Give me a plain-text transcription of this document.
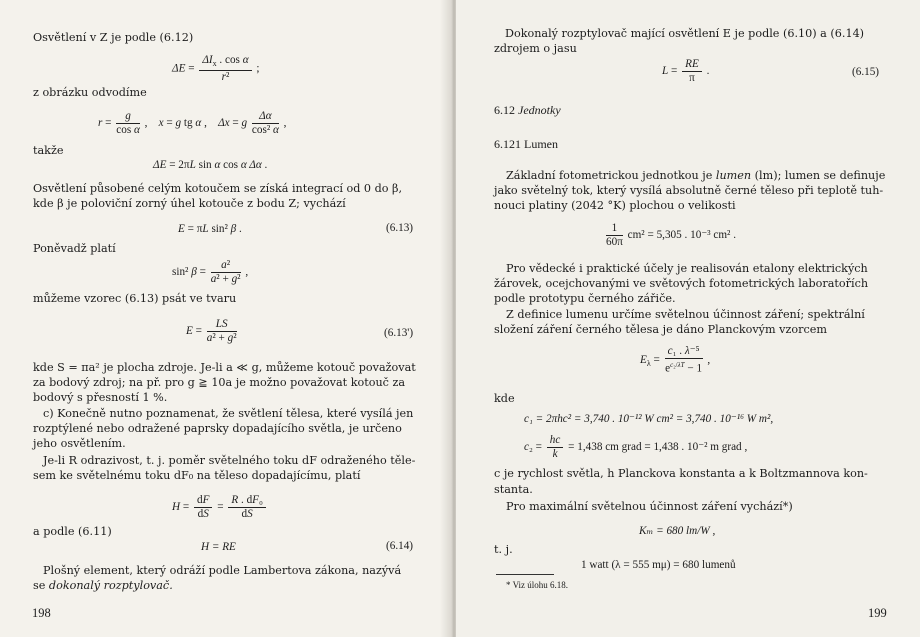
Osvětlení v Z je podle (6.12)
$\Delta E = \frac{\Delta I_x . \cos \alpha}{\text{r²}}$ ;
z obrázku odvodíme
$r = \frac{g}{\text{cos α}}$ ,    x = g tg α ,    Δx = g $\frac{\Delta\alpha}{\text{cos² α}}$ ,
takže
ΔE = 2πL sin α cos α Δα .
Osvětlení působené celým kotoučem se získá integrací od 0 do β,
kde β je poloviční zorný úhel kotouče z bodu Z; vychází
E = πL sin² β .	(6.13)
Poněvadž platí
sin² $\beta = \frac{\text{a²}}{\text{a² + g²}}$ ,
můžeme vzorec (6.13) psát ve tvaru
$E = \frac{LS}{\text{a² + g²}}$	(6.13')
kde S = πa² je plocha zdroje. Je-li a ≪ g, můžeme kotouč považovat
za bodový zdroj; na př. pro g ≧ 10a je možno považovat kotouč za
bodový s přesností 1 %.
c) Konečně nutno poznamenat, že světlení tělesa, které vysílá jen
rozptýlené nebo odražené paprsky dopadajícího světla, je určeno
jeho osvětlením.
Je-li R odrazivost, t. j. poměr světelného toku dF odraženého těle-
sem ke světelnému toku dF₀ na těleso dopadajícímu, platí
$H = \frac{dF}{dS} = \frac{\text{R . dF₀}}{dS}$
a podle (6.11)
H = RE	(6.14)
Plošný element, který odráží podle Lambertova zákona, nazývá
se dokonalý rozptylovač.
198
Dokonalý rozptylovač mající osvětlení E je podle (6.10) a (6.14)
zdrojem o jasu
$L = \frac{RE}{\pi}$ .	(6.15)
6.12 Jednotky
6.121 Lumen
Základní fotometrickou jednotkou je lumen (lm); lumen se definuje
jako světelný tok, který vysílá absolutně černé těleso při teplotě tuh-
nouci platiny (2042 °K) plochou o velikosti
$\frac{1}{60\pi} cm^2 = 5,305$ . 10⁻³ cm² .
Pro vědecké i praktické účely je realisován etalony elektrických
žárovek, ocejchovanými ve světových fotometrických laboratořích
podle prototypu černého zářiče.
Z definice lumenu určíme světelnou účinnost záření; spektrální
složení záření černého tělesa je dáno Planckovým vzorcem
$E_\lambda = \frac{\text{c₁ . λ⁻⁵}}{e^{c_2/\lambda T} - 1}$ ,
kde
c₁ = 2πhc² = 3,740 . 10⁻¹² W cm² = 3,740 . 10⁻¹⁶ W m²,
$c_2 = \frac{hc}{k} = 1,438$ cm grad = 1,438 . 10⁻² m grad ,
c je rychlost světla, h Planckova konstanta a k Boltzmannova kon-
stanta.
Pro maximální světelnou účinnost záření vychází*)
Kₘ = 680 lm/W ,
t. j.
1 watt (λ = 555 mμ) = 680 lumenů
* Viz úlohu 6.18.
199
